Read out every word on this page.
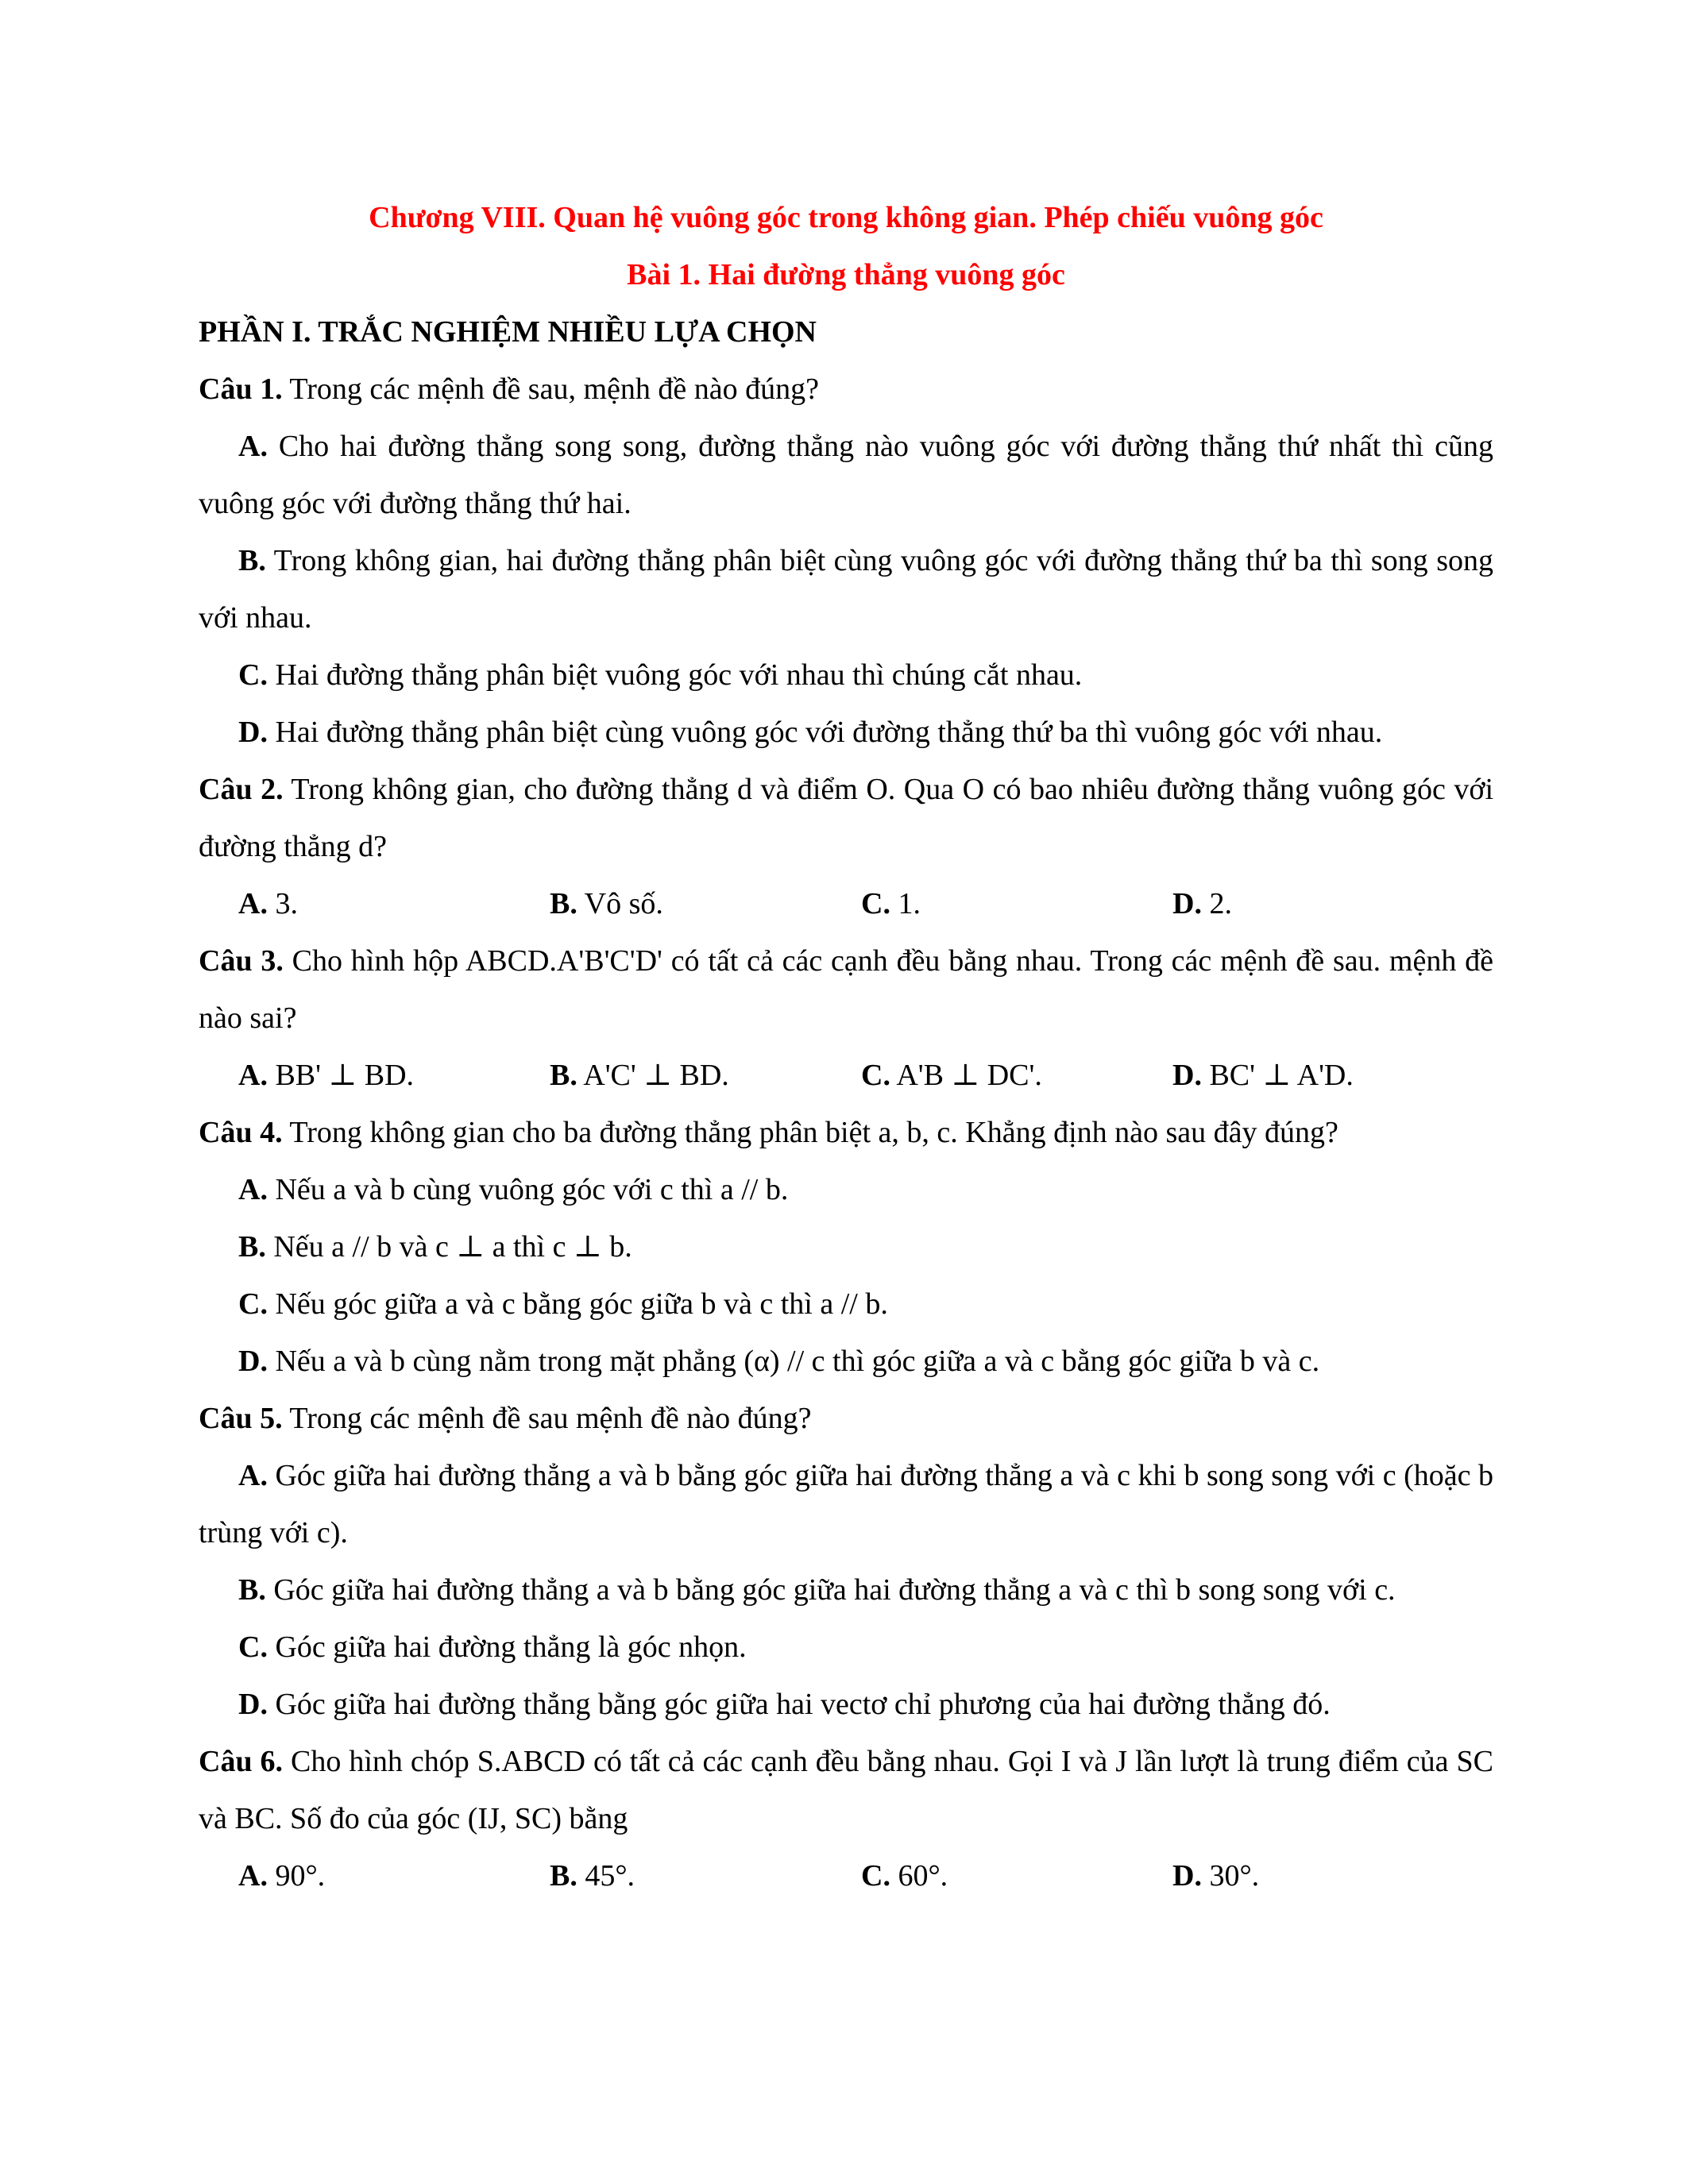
Chương VIII. Quan hệ vuông góc trong không gian. Phép chiếu vuông góc

Bài 1. Hai đường thẳng vuông góc

PHẦN I. TRẮC NGHIỆM NHIỀU LỰA CHỌN

Câu 1. Trong các mệnh đề sau, mệnh đề nào đúng?

A. Cho hai đường thẳng song song, đường thẳng nào vuông góc với đường thẳng thứ nhất thì cũng vuông góc với đường thẳng thứ hai.

B. Trong không gian, hai đường thẳng phân biệt cùng vuông góc với đường thẳng thứ ba thì song song với nhau.

C. Hai đường thẳng phân biệt vuông góc với nhau thì chúng cắt nhau.

D. Hai đường thẳng phân biệt cùng vuông góc với đường thẳng thứ ba thì vuông góc với nhau.

Câu 2. Trong không gian, cho đường thẳng d và điểm O. Qua O có bao nhiêu đường thẳng vuông góc với đường thẳng d?

A. 3.	B. Vô số.	C. 1.	D. 2.

Câu 3. Cho hình hộp ABCD.A'B'C'D' có tất cả các cạnh đều bằng nhau. Trong các mệnh đề sau. mệnh đề nào sai?

A. BB' ⊥ BD.	B. A'C' ⊥ BD.	C. A'B ⊥ DC'.	D. BC' ⊥ A'D.

Câu 4. Trong không gian cho ba đường thẳng phân biệt a, b, c. Khẳng định nào sau đây đúng?

A. Nếu a và b cùng vuông góc với c thì a // b.

B. Nếu a // b và c ⊥ a thì c ⊥ b.

C. Nếu góc giữa a và c bằng góc giữa b và c thì a // b.

D. Nếu a và b cùng nằm trong mặt phẳng (α) // c thì góc giữa a và c bằng góc giữa b và c.

Câu 5. Trong các mệnh đề sau mệnh đề nào đúng?

A. Góc giữa hai đường thẳng a và b bằng góc giữa hai đường thẳng a và c khi b song song với c (hoặc b trùng với c).

B. Góc giữa hai đường thẳng a và b bằng góc giữa hai đường thẳng a và c thì b song song với c.

C. Góc giữa hai đường thẳng là góc nhọn.

D. Góc giữa hai đường thẳng bằng góc giữa hai vectơ chỉ phương của hai đường thẳng đó.

Câu 6. Cho hình chóp S.ABCD có tất cả các cạnh đều bằng nhau. Gọi I và J lần lượt là trung điểm của SC và BC. Số đo của góc (IJ, SC) bằng

A. 90°.	B. 45°.	C. 60°.	D. 30°.
